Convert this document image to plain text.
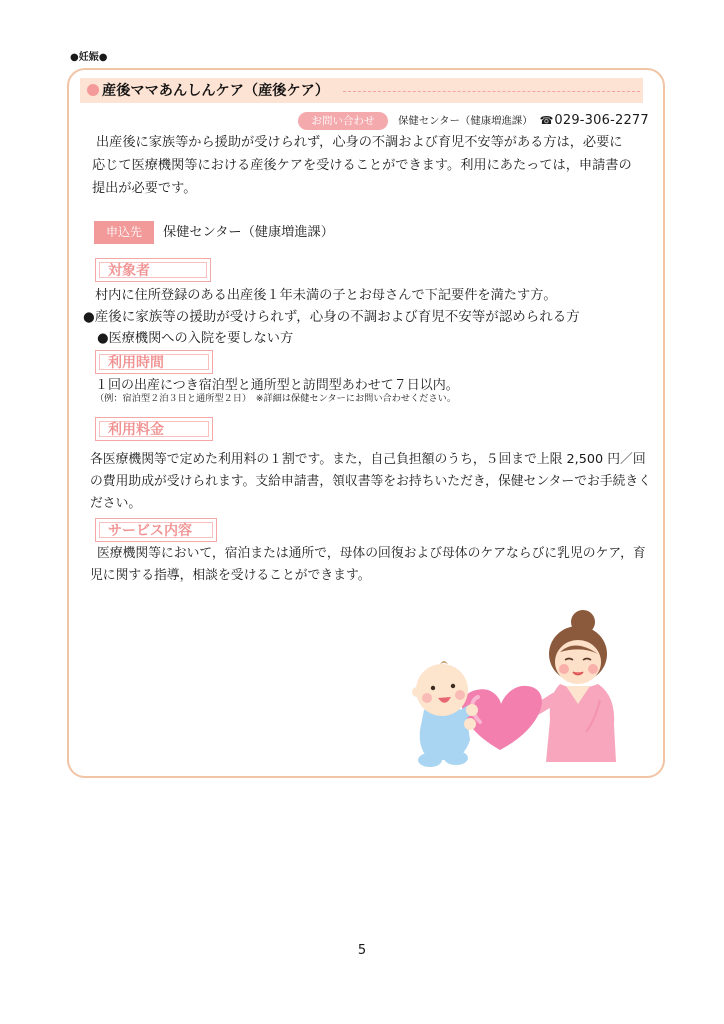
●妊娠●
産後ママあんしんケア（産後ケア）
お問い合わせ	保健センター（健康増進課） ☎ 029-306-2277
出産後に家族等から援助が受けられず，心身の不調および育児不安等がある方は，必要に
応じて医療機関等における産後ケアを受けることができます。利用にあたっては，申請書の
提出が必要です。
申込先	保健センター（健康増進課）
対象者
村内に住所登録のある出産後１年未満の子とお母さんで下記要件を満たす方。
●産後に家族等の援助が受けられず，心身の不調および育児不安等が認められる方
●医療機関への入院を要しない方
利用時間
１回の出産につき宿泊型と通所型と訪問型あわせて７日以内。
（例：宿泊型２泊３日と通所型２日）　※詳細は保健センターにお問い合わせください。
利用料金
各医療機関等で定めた利用料の１割です。また，自己負担額のうち，５回まで上限 2,500 円／回
の費用助成が受けられます。支給申請書，領収書等をお持ちいただき，保健センターでお手続きく
ださい。
サービス内容
医療機関等において，宿泊または通所で，母体の回復および母体のケアならびに乳児のケア，育
児に関する指導，相談を受けることができます。
5
